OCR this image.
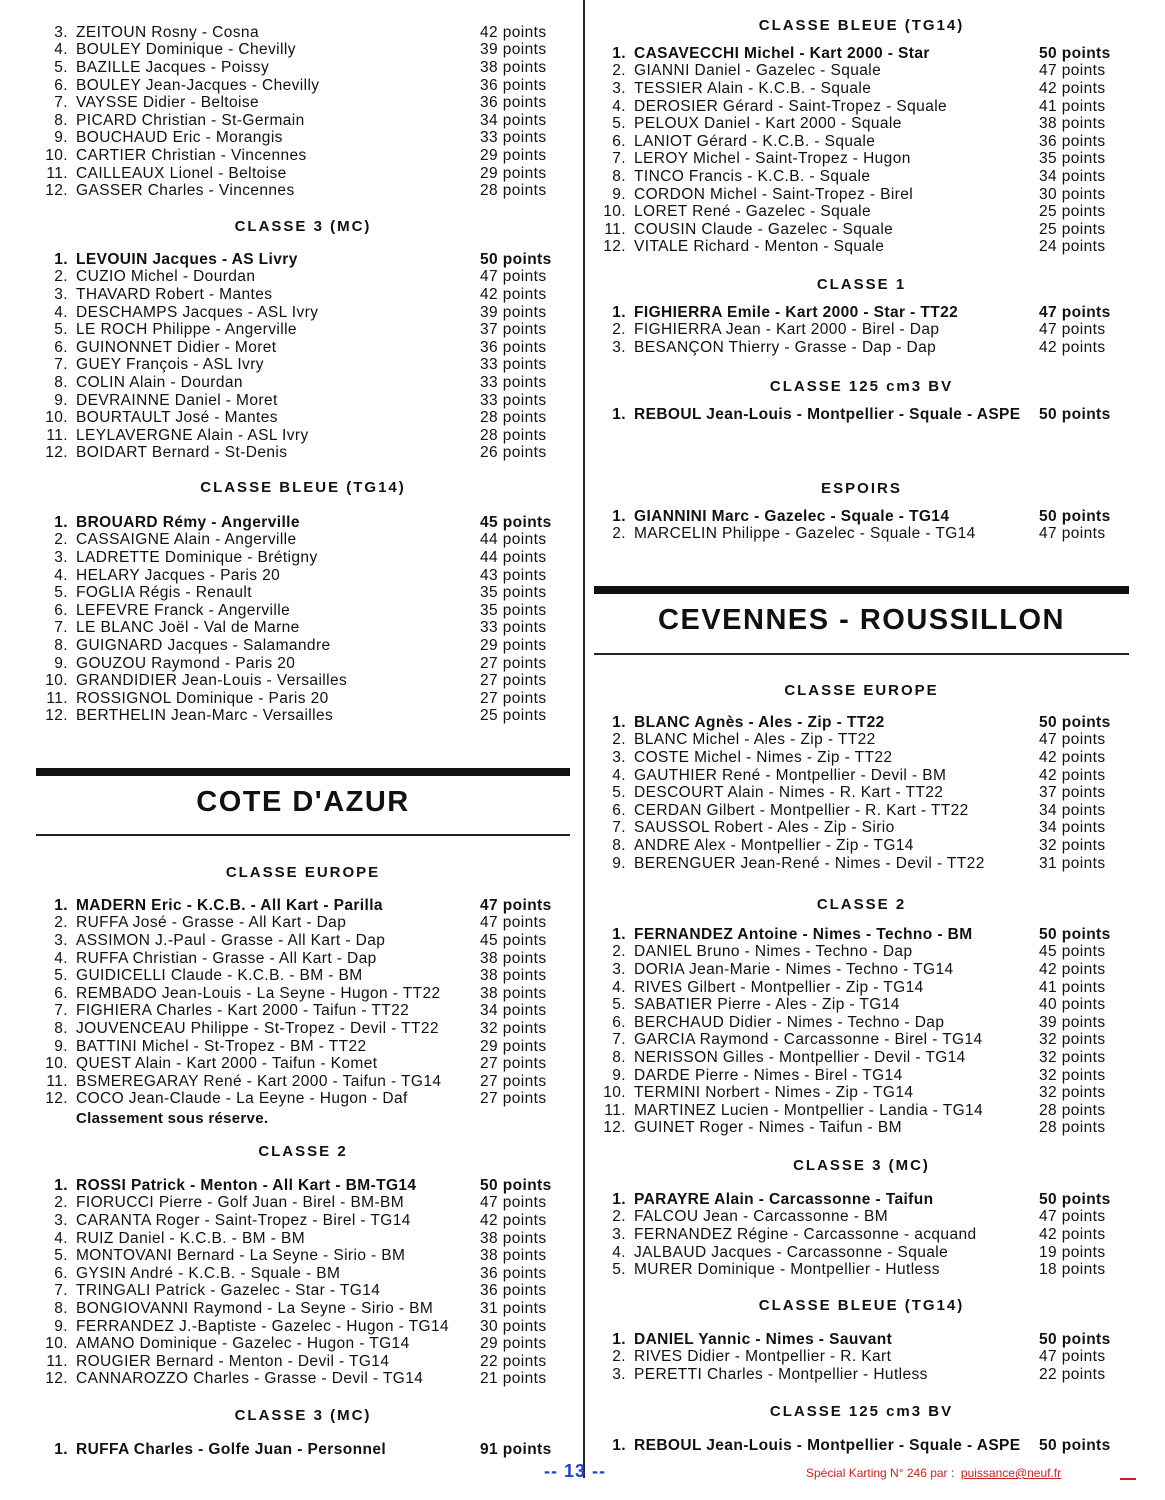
3. ZEITOUN Rosny - Cosna	42 points
4. BOULEY Dominique - Chevilly	39 points
5. BAZILLE Jacques - Poissy	38 points
6. BOULEY Jean-Jacques - Chevilly	36 points
7. VAYSSE Didier - Beltoise	36 points
8. PICARD Christian - St-Germain	34 points
9. BOUCHAUD Eric - Morangis	33 points
10. CARTIER Christian - Vincennes	29 points
11. CAILLEAUX Lionel - Beltoise	29 points
12. GASSER Charles - Vincennes	28 points
CLASSE 3 (MC)
1. LEVOUIN Jacques - AS Livry	50 points
2. CUZIO Michel - Dourdan	47 points
3. THAVARD Robert - Mantes	42 points
4. DESCHAMPS Jacques - ASL Ivry	39 points
5. LE ROCH Philippe - Angerville	37 points
6. GUINONNET Didier - Moret	36 points
7. GUEY François - ASL Ivry	33 points
8. COLIN Alain - Dourdan	33 points
9. DEVRAINNE Daniel - Moret	33 points
10. BOURTAULT José - Mantes	28 points
11. LEYLAVERGNE Alain - ASL Ivry	28 points
12. BOIDART Bernard - St-Denis	26 points
CLASSE BLEUE (TG14)
1. BROUARD Rémy - Angerville	45 points
2. CASSAIGNE Alain - Angerville	44 points
3. LADRETTE Dominique - Brétigny	44 points
4. HELARY Jacques - Paris 20	43 points
5. FOGLIA Régis - Renault	35 points
6. LEFEVRE Franck - Angerville	35 points
7. LE BLANC Joël - Val de Marne	33 points
8. GUIGNARD Jacques - Salamandre	29 points
9. GOUZOU Raymond - Paris 20	27 points
10. GRANDIDIER Jean-Louis - Versailles	27 points
11. ROSSIGNOL Dominique - Paris 20	27 points
12. BERTHELIN Jean-Marc - Versailles	25 points
COTE D'AZUR
CLASSE EUROPE
1. MADERN Eric - K.C.B. - All Kart - Parilla	47 points
2. RUFFA José - Grasse - All Kart - Dap	47 points
3. ASSIMON J.-Paul - Grasse - All Kart - Dap	45 points
4. RUFFA Christian - Grasse - All Kart - Dap	38 points
5. GUIDICELLI Claude - K.C.B. - BM - BM	38 points
6. REMBADO Jean-Louis - La Seyne - Hugon - TT22	38 points
7. FIGHIERA Charles - Kart 2000 - Taifun - TT22	34 points
8. JOUVENCEAU Philippe - St-Tropez - Devil - TT22	32 points
9. BATTINI Michel - St-Tropez - BM - TT22	29 points
10. QUEST Alain - Kart 2000 - Taifun - Komet	27 points
11. BSMEREGARAY René - Kart 2000 - Taifun - TG14	27 points
12. COCO Jean-Claude - La Eeyne - Hugon - Daf	27 points
Classement sous réserve.
CLASSE 2
1. ROSSI Patrick - Menton - All Kart - BM-TG14	50 points
2. FIORUCCI Pierre - Golf Juan - Birel - BM-BM	47 points
3. CARANTA Roger - Saint-Tropez - Birel - TG14	42 points
4. RUIZ Daniel - K.C.B. - BM - BM	38 points
5. MONTOVANI Bernard - La Seyne - Sirio - BM	38 points
6. GYSIN André - K.C.B. - Squale - BM	36 points
7. TRINGALI Patrick - Gazelec - Star - TG14	36 points
8. BONGIOVANNI Raymond - La Seyne - Sirio - BM	31 points
9. FERRANDEZ J.-Baptiste - Gazelec - Hugon - TG14	30 points
10. AMANO Dominique - Gazelec - Hugon - TG14	29 points
11. ROUGIER Bernard - Menton - Devil - TG14	22 points
12. CANNAROZZO Charles - Grasse - Devil - TG14	21 points
CLASSE 3 (MC)
1. RUFFA Charles - Golfe Juan - Personnel	91 points
CLASSE BLEUE (TG14)
1. CASAVECCHI Michel - Kart 2000 - Star	50 points
2. GIANNI Daniel - Gazelec - Squale	47 points
3. TESSIER Alain - K.C.B. - Squale	42 points
4. DEROSIER Gérard - Saint-Tropez - Squale	41 points
5. PELOUX Daniel - Kart 2000 - Squale	38 points
6. LANIOT Gérard - K.C.B. - Squale	36 points
7. LEROY Michel - Saint-Tropez - Hugon	35 points
8. TINCO Francis - K.C.B. - Squale	34 points
9. CORDON Michel - Saint-Tropez - Birel	30 points
10. LORET René - Gazelec - Squale	25 points
11. COUSIN Claude - Gazelec - Squale	25 points
12. VITALE Richard - Menton - Squale	24 points
CLASSE 1
1. FIGHIERRA Emile - Kart 2000 - Star - TT22	47 points
2. FIGHIERRA Jean - Kart 2000 - Birel - Dap	47 points
3. BESANÇON Thierry - Grasse - Dap - Dap	42 points
CLASSE 125 cm3 BV
1. REBOUL Jean-Louis - Montpellier - Squale - ASPE	50 points
ESPOIRS
1. GIANNINI Marc - Gazelec - Squale - TG14	50 points
2. MARCELIN Philippe - Gazelec - Squale - TG14	47 points
CEVENNES - ROUSSILLON
CLASSE EUROPE
1. BLANC Agnès - Ales - Zip - TT22	50 points
2. BLANC Michel - Ales - Zip - TT22	47 points
3. COSTE Michel - Nimes - Zip - TT22	42 points
4. GAUTHIER René - Montpellier - Devil - BM	42 points
5. DESCOURT Alain - Nimes - R. Kart - TT22	37 points
6. CERDAN Gilbert - Montpellier - R. Kart - TT22	34 points
7. SAUSSOL Robert - Ales - Zip - Sirio	34 points
8. ANDRE Alex - Montpellier - Zip - TG14	32 points
9. BERENGUER Jean-René - Nimes - Devil - TT22	31 points
CLASSE 2
1. FERNANDEZ Antoine - Nimes - Techno - BM	50 points
2. DANIEL Bruno - Nimes - Techno - Dap	45 points
3. DORIA Jean-Marie - Nimes - Techno - TG14	42 points
4. RIVES Gilbert - Montpellier - Zip - TG14	41 points
5. SABATIER Pierre - Ales - Zip - TG14	40 points
6. BERCHAUD Didier - Nimes - Techno - Dap	39 points
7. GARCIA Raymond - Carcassonne - Birel - TG14	32 points
8. NERISSON Gilles - Montpellier - Devil - TG14	32 points
9. DARDE Pierre - Nimes - Birel - TG14	32 points
10. TERMINI Norbert - Nimes - Zip - TG14	32 points
11. MARTINEZ Lucien - Montpellier - Landia - TG14	28 points
12. GUINET Roger - Nimes - Taifun - BM	28 points
CLASSE 3 (MC)
1. PARAYRE Alain - Carcassonne - Taifun	50 points
2. FALCOU Jean - Carcassonne - BM	47 points
3. FERNANDEZ Régine - Carcassonne - acquand	42 points
4. JALBAUD Jacques - Carcassonne - Squale	19 points
5. MURER Dominique - Montpellier - Hutless	18 points
CLASSE BLEUE (TG14)
1. DANIEL Yannic - Nimes - Sauvant	50 points
2. RIVES Didier - Montpellier - R. Kart	47 points
3. PERETTI Charles - Montpellier - Hutless	22 points
CLASSE 125 cm3 BV
1. REBOUL Jean-Louis - Montpellier - Squale - ASPE	50 points
-- 13 --	Spécial Karting N° 246 par : puissance@neuf.fr
